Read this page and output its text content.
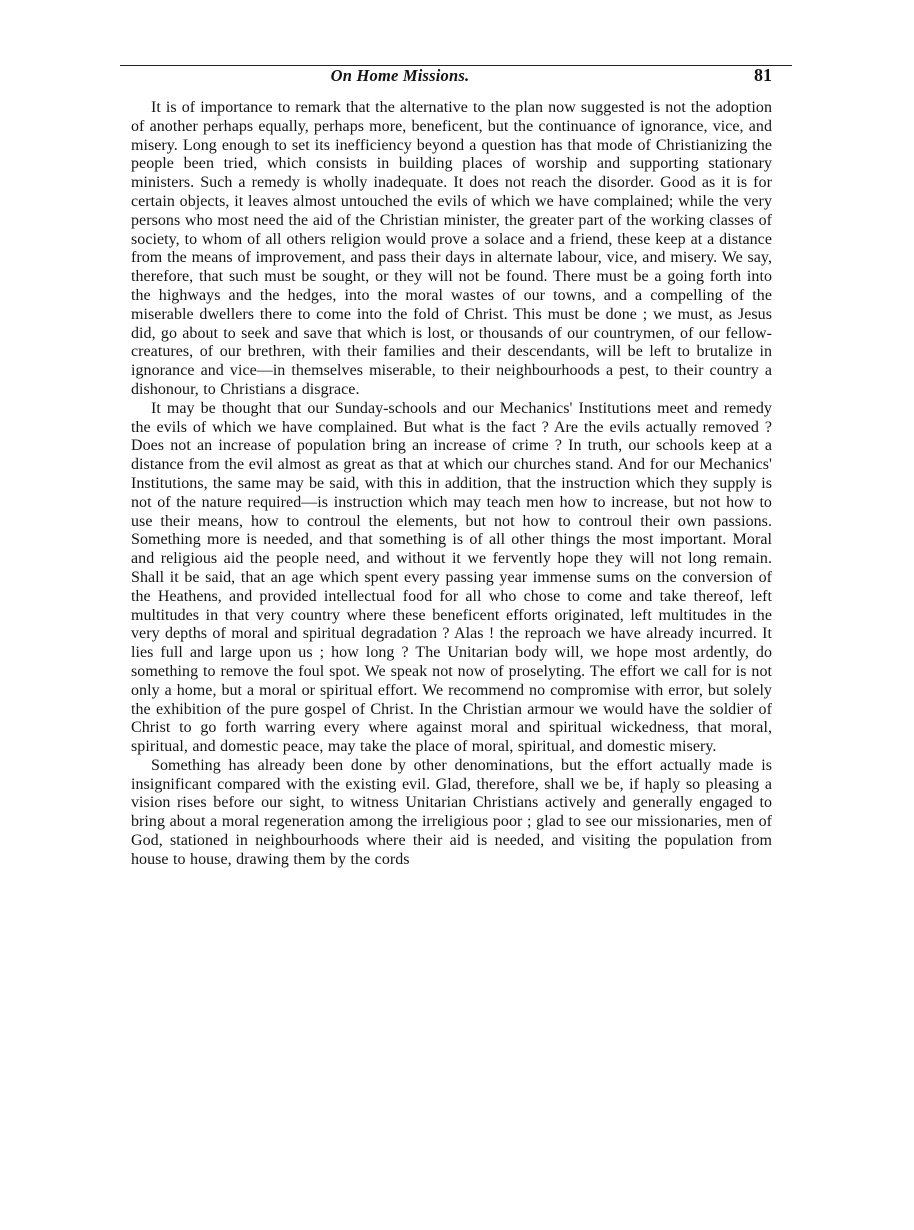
On Home Missions.	81

It is of importance to remark that the alternative to the plan now suggested is not the adoption of another perhaps equally, perhaps more, beneficent, but the continuance of ignorance, vice, and misery. Long enough to set its inefficiency beyond a question has that mode of Christianizing the people been tried, which consists in building places of worship and supporting stationary ministers. Such a remedy is wholly inadequate. It does not reach the disorder. Good as it is for certain objects, it leaves almost untouched the evils of which we have complained; while the very persons who most need the aid of the Christian minister, the greater part of the working classes of society, to whom of all others religion would prove a solace and a friend, these keep at a distance from the means of improvement, and pass their days in alternate labour, vice, and misery. We say, therefore, that such must be sought, or they will not be found. There must be a going forth into the highways and the hedges, into the moral wastes of our towns, and a compelling of the miserable dwellers there to come into the fold of Christ. This must be done ; we must, as Jesus did, go about to seek and save that which is lost, or thousands of our countrymen, of our fellow-creatures, of our brethren, with their families and their descendants, will be left to brutalize in ignorance and vice—in themselves miserable, to their neighbourhoods a pest, to their country a dishonour, to Christians a disgrace.

It may be thought that our Sunday-schools and our Mechanics' Institutions meet and remedy the evils of which we have complained. But what is the fact ? Are the evils actually removed ? Does not an increase of population bring an increase of crime ? In truth, our schools keep at a distance from the evil almost as great as that at which our churches stand. And for our Mechanics' Institutions, the same may be said, with this in addition, that the instruction which they supply is not of the nature required—is instruction which may teach men how to increase, but not how to use their means, how to controul the elements, but not how to controul their own passions. Something more is needed, and that something is of all other things the most important. Moral and religious aid the people need, and without it we fervently hope they will not long remain. Shall it be said, that an age which spent every passing year immense sums on the conversion of the Heathens, and provided intellectual food for all who chose to come and take thereof, left multitudes in that very country where these beneficent efforts originated, left multitudes in the very depths of moral and spiritual degradation ? Alas ! the reproach we have already incurred. It lies full and large upon us ; how long ? The Unitarian body will, we hope most ardently, do something to remove the foul spot. We speak not now of proselyting. The effort we call for is not only a home, but a moral or spiritual effort. We recommend no compromise with error, but solely the exhibition of the pure gospel of Christ. In the Christian armour we would have the soldier of Christ to go forth warring every where against moral and spiritual wickedness, that moral, spiritual, and domestic peace, may take the place of moral, spiritual, and domestic misery.

Something has already been done by other denominations, but the effort actually made is insignificant compared with the existing evil. Glad, therefore, shall we be, if haply so pleasing a vision rises before our sight, to witness Unitarian Christians actively and generally engaged to bring about a moral regeneration among the irreligious poor ; glad to see our missionaries, men of God, stationed in neighbourhoods where their aid is needed, and visiting the population from house to house, drawing them by the cords
